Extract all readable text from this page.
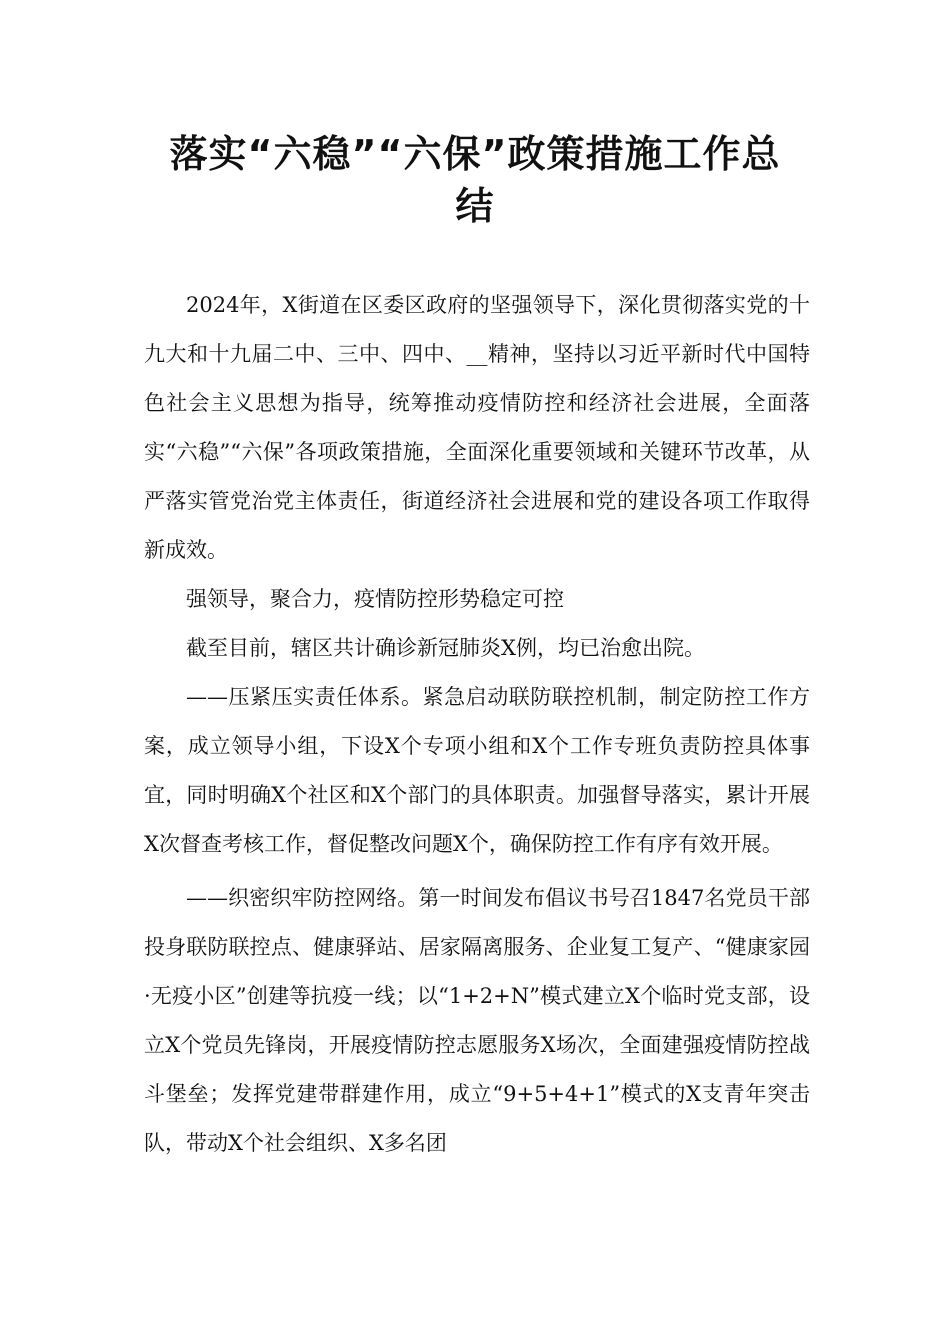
落实“六稳”“六保”政策措施工作总
结

2024年，X街道在区委区政府的坚强领导下，深化贯彻落实党的十九大和十九届二中、三中、四中、__精神，坚持以习近平新时代中国特色社会主义思想为指导，统筹推动疫情防控和经济社会进展，全面落实“六稳”“六保”各项政策措施，全面深化重要领域和关键环节改革，从严落实管党治党主体责任，街道经济社会进展和党的建设各项工作取得新成效。

强领导，聚合力，疫情防控形势稳定可控

截至目前，辖区共计确诊新冠肺炎X例，均已治愈出院。

——压紧压实责任体系。紧急启动联防联控机制，制定防控工作方案，成立领导小组，下设X个专项小组和X个工作专班负责防控具体事宜，同时明确X个社区和X个部门的具体职责。加强督导落实，累计开展X次督查考核工作，督促整改问题X个，确保防控工作有序有效开展。

——织密织牢防控网络。第一时间发布倡议书号召1847名党员干部投身联防联控点、健康驿站、居家隔离服务、企业复工复产、“健康家园·无疫小区”创建等抗疫一线；以“1+2+N”模式建立X个临时党支部，设立X个党员先锋岗，开展疫情防控志愿服务X场次，全面建强疫情防控战斗堡垒；发挥党建带群建作用，成立“9+5+4+1”模式的X支青年突击队，带动X个社会组织、X多名团
